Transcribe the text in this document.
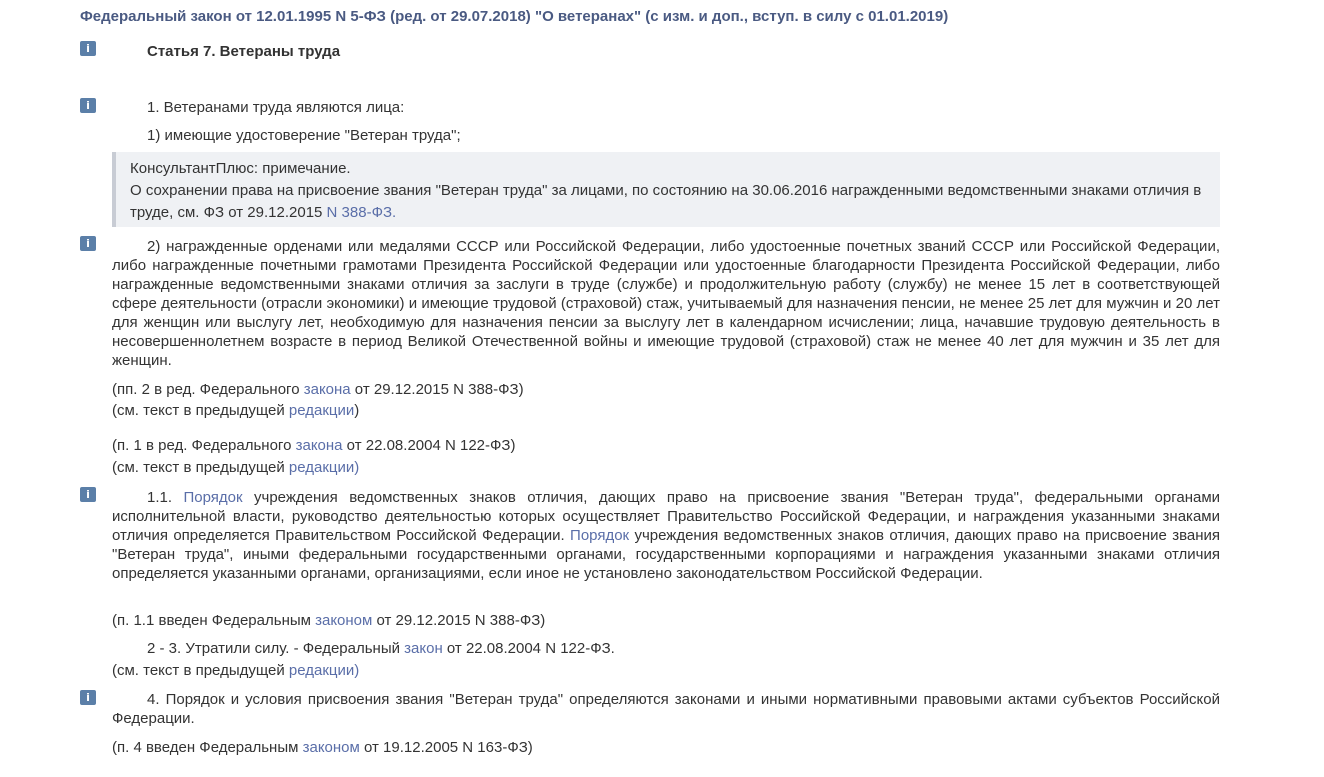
Федеральный закон от 12.01.1995 N 5-ФЗ (ред. от 29.07.2018) "О ветеранах" (с изм. и доп., вступ. в силу с 01.01.2019)
i	Статья 7. Ветераны труда
i	1. Ветеранами труда являются лица:
1) имеющие удостоверение "Ветеран труда";
КонсультантПлюс: примечание.
О сохранении права на присвоение звания "Ветеран труда" за лицами, по состоянию на 30.06.2016 награжденными ведомственными знаками отличия в труде, см. ФЗ от 29.12.2015 N 388-ФЗ.
i	2) награжденные орденами или медалями СССР или Российской Федерации, либо удостоенные почетных званий СССР или Российской Федерации, либо награжденные почетными грамотами Президента Российской Федерации или удостоенные благодарности Президента Российской Федерации, либо награжденные ведомственными знаками отличия за заслуги в труде (службе) и продолжительную работу (службу) не менее 15 лет в соответствующей сфере деятельности (отрасли экономики) и имеющие трудовой (страховой) стаж, учитываемый для назначения пенсии, не менее 25 лет для мужчин и 20 лет для женщин или выслугу лет, необходимую для назначения пенсии за выслугу лет в календарном исчислении; лица, начавшие трудовую деятельность в несовершеннолетнем возрасте в период Великой Отечественной войны и имеющие трудовой (страховой) стаж не менее 40 лет для мужчин и 35 лет для женщин.
(пп. 2 в ред. Федерального закона от 29.12.2015 N 388-ФЗ)
(см. текст в предыдущей редакции)
(п. 1 в ред. Федерального закона от 22.08.2004 N 122-ФЗ)
(см. текст в предыдущей редакции)
i	1.1. Порядок учреждения ведомственных знаков отличия, дающих право на присвоение звания "Ветеран труда", федеральными органами исполнительной власти, руководство деятельностью которых осуществляет Правительство Российской Федерации, и награждения указанными знаками отличия определяется Правительством Российской Федерации. Порядок учреждения ведомственных знаков отличия, дающих право на присвоение звания "Ветеран труда", иными федеральными государственными органами, государственными корпорациями и награждения указанными знаками отличия определяется указанными органами, организациями, если иное не установлено законодательством Российской Федерации.
(п. 1.1 введен Федеральным законом от 29.12.2015 N 388-ФЗ)
2 - 3. Утратили силу. - Федеральный закон от 22.08.2004 N 122-ФЗ.
(см. текст в предыдущей редакции)
i	4. Порядок и условия присвоения звания "Ветеран труда" определяются законами и иными нормативными правовыми актами субъектов Российской Федерации.
(п. 4 введен Федеральным законом от 19.12.2005 N 163-ФЗ)
